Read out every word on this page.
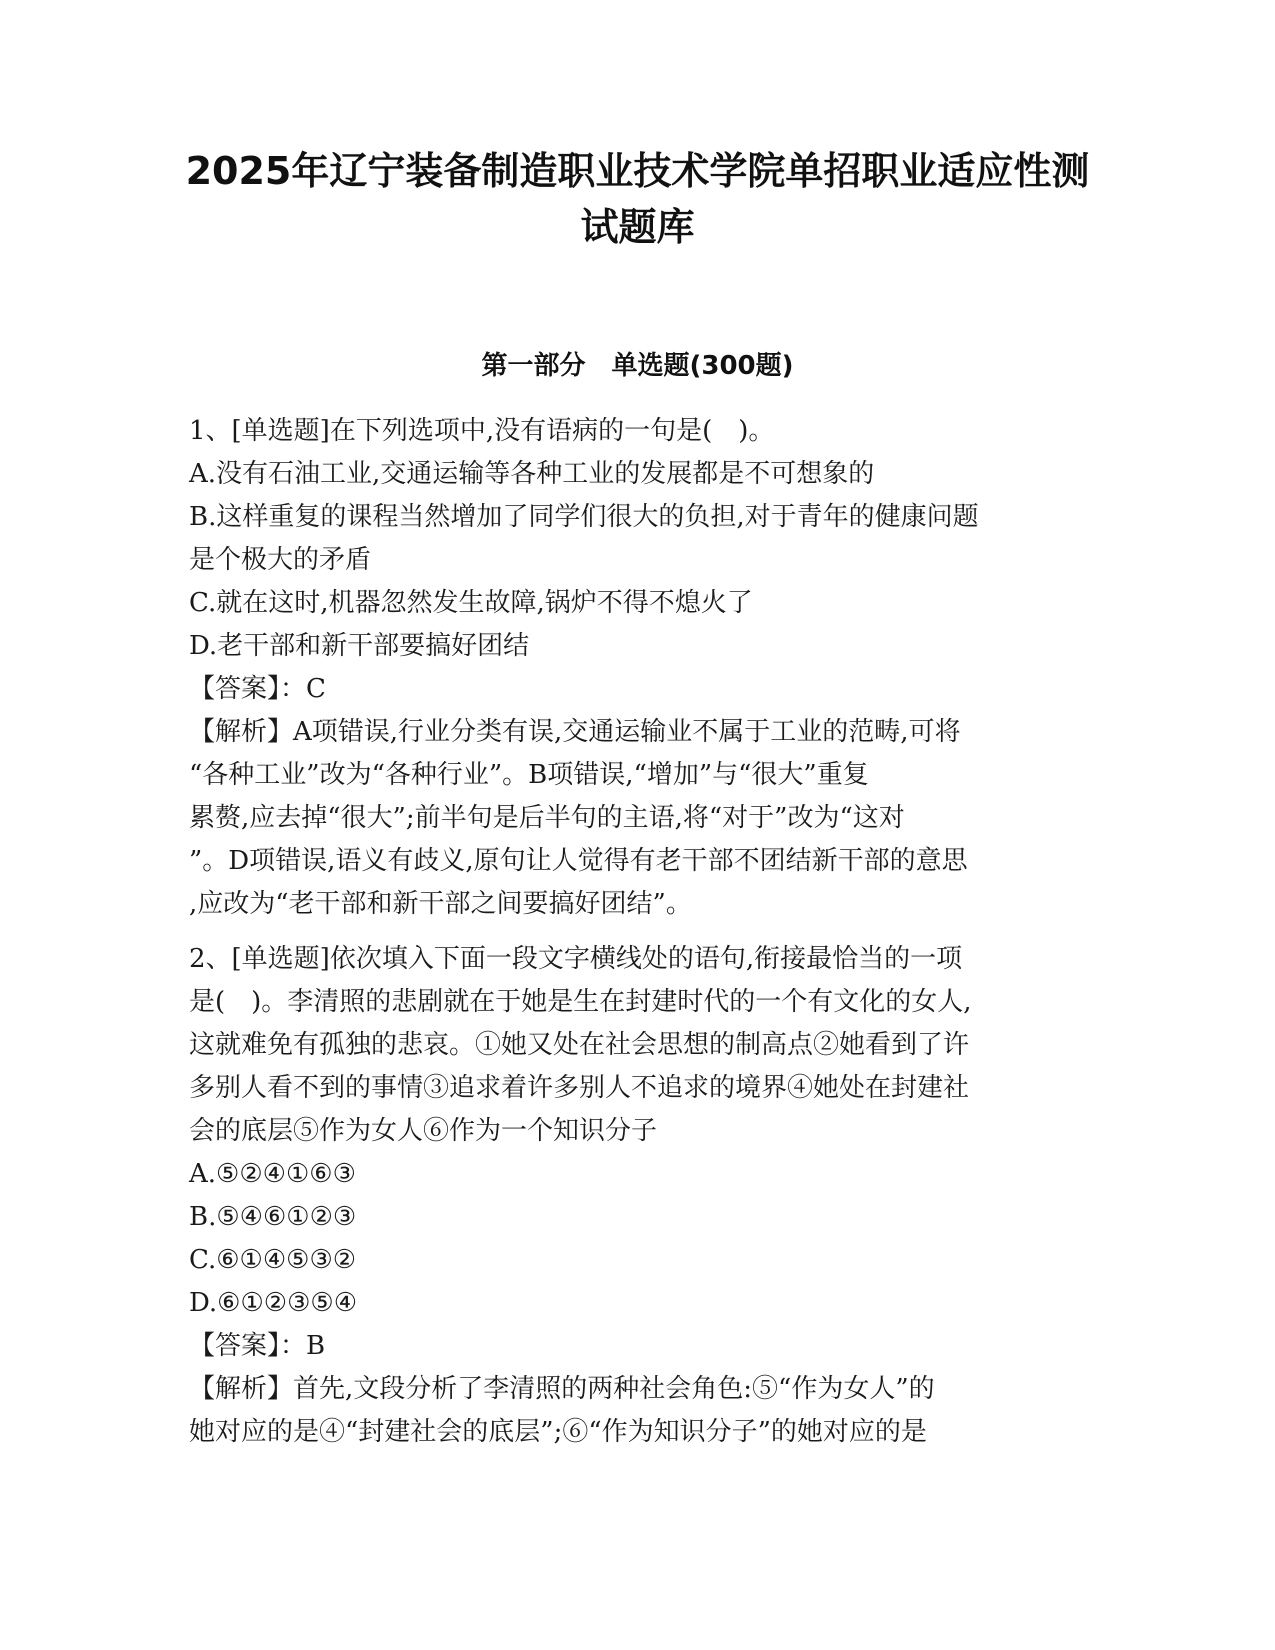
2025年辽宁装备制造职业技术学院单招职业适应性测
试题库
第一部分　单选题(300题)

1、[单选题]在下列选项中,没有语病的一句是(　)。

A.没有石油工业,交通运输等各种工业的发展都是不可想象的

B.这样重复的课程当然增加了同学们很大的负担,对于青年的健康问题

是个极大的矛盾

C.就在这时,机器忽然发生故障,锅炉不得不熄火了

D.老干部和新干部要搞好团结

【答案】：C

【解析】A项错误,行业分类有误,交通运输业不属于工业的范畴,可将

“各种工业”改为“各种行业”。B项错误,“增加”与“很大”重复

累赘,应去掉“很大”;前半句是后半句的主语,将“对于”改为“这对

”。D项错误,语义有歧义,原句让人觉得有老干部不团结新干部的意思

,应改为“老干部和新干部之间要搞好团结”。

2、[单选题]依次填入下面一段文字横线处的语句,衔接最恰当的一项

是(　)。李清照的悲剧就在于她是生在封建时代的一个有文化的女人,

这就难免有孤独的悲哀。①她又处在社会思想的制高点②她看到了许

多别人看不到的事情③追求着许多别人不追求的境界④她处在封建社

会的底层⑤作为女人⑥作为一个知识分子

A.⑤②④①⑥③

B.⑤④⑥①②③

C.⑥①④⑤③②

D.⑥①②③⑤④

【答案】：B

【解析】首先,文段分析了李清照的两种社会角色:⑤“作为女人”的

她对应的是④“封建社会的底层”;⑥“作为知识分子”的她对应的是
